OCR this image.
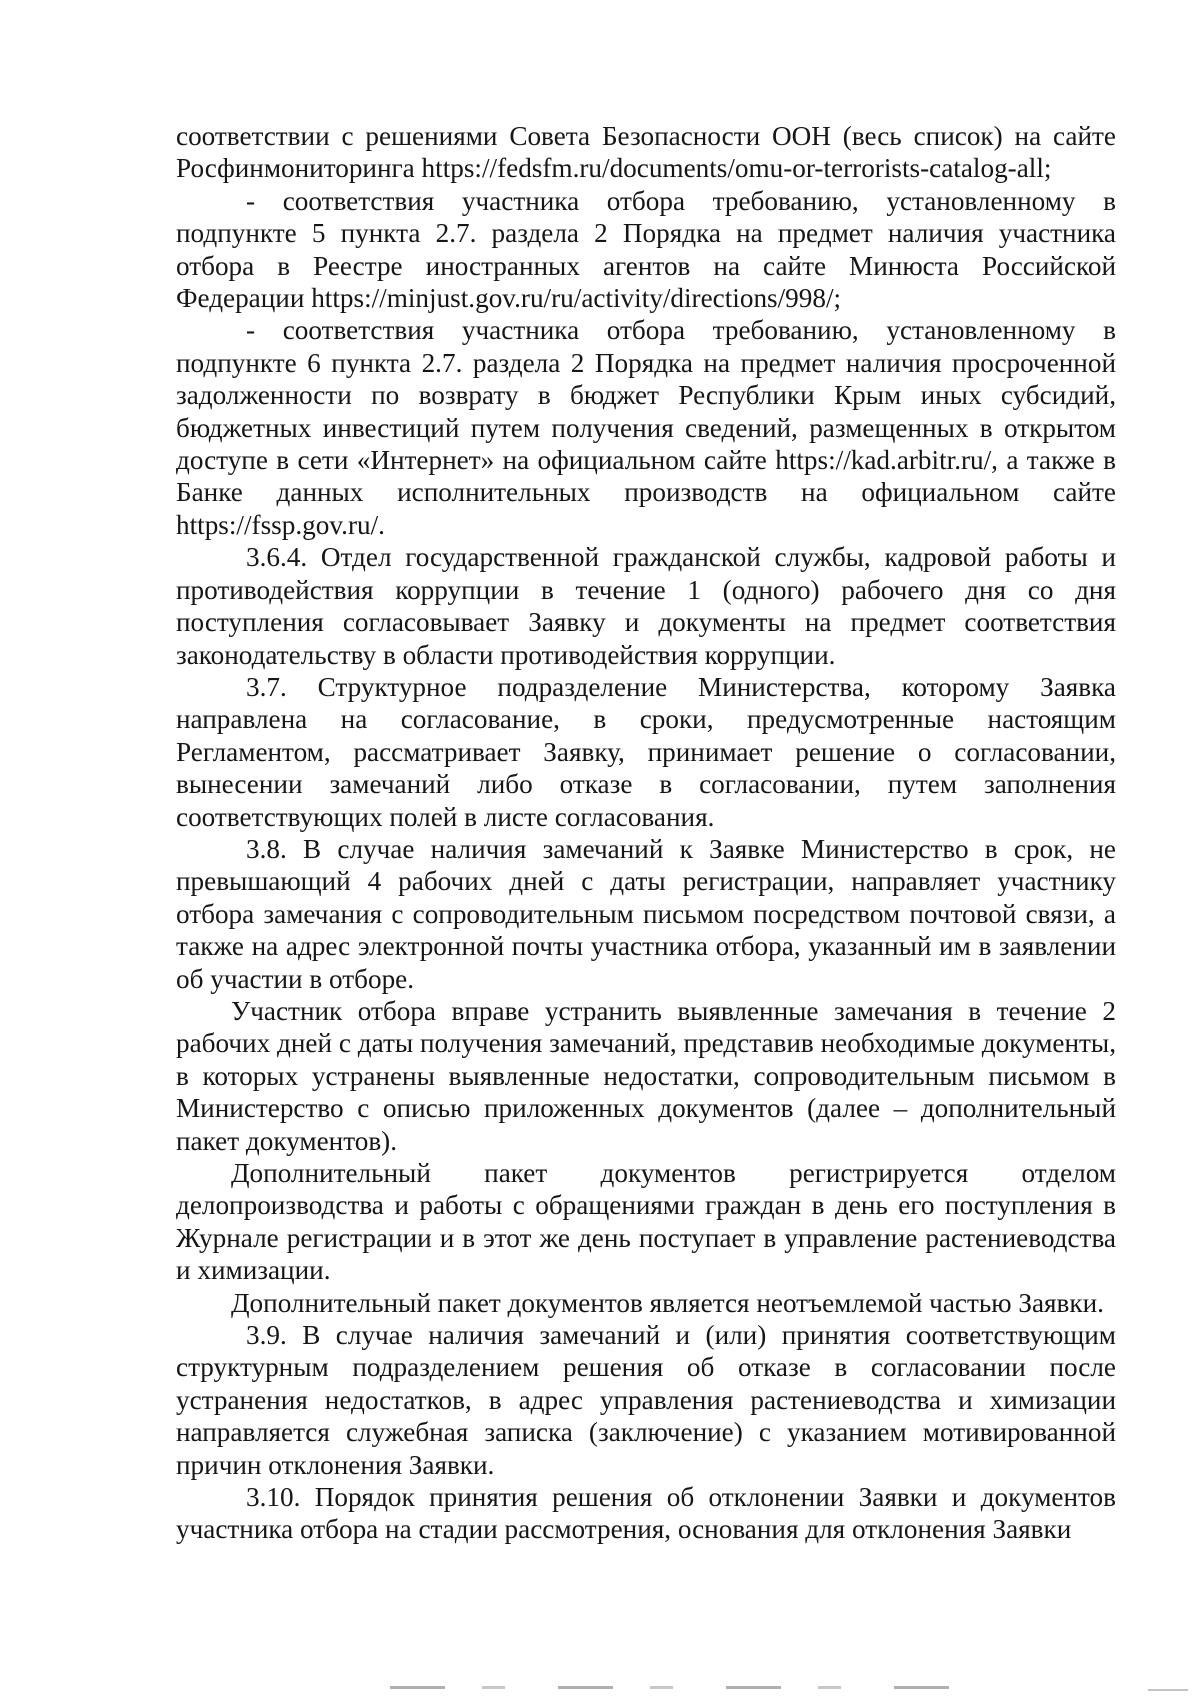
соответствии с решениями Совета Безопасности ООН (весь список) на сайте Росфинмониторинга https://fedsfm.ru/documents/omu-or-terrorists-catalog-all;

- соответствия участника отбора требованию, установленному в подпункте 5 пункта 2.7. раздела 2 Порядка на предмет наличия участника отбора в Реестре иностранных агентов на сайте Минюста Российской Федерации https://minjust.gov.ru/ru/activity/directions/998/;

- соответствия участника отбора требованию, установленному в подпункте 6 пункта 2.7. раздела 2 Порядка на предмет наличия просроченной задолженности по возврату в бюджет Республики Крым иных субсидий, бюджетных инвестиций путем получения сведений, размещенных в открытом доступе в сети «Интернет» на официальном сайте https://kad.arbitr.ru/, а также в Банке данных исполнительных производств на официальном сайте https://fssp.gov.ru/.

3.6.4. Отдел государственной гражданской службы, кадровой работы и противодействия коррупции в течение 1 (одного) рабочего дня со дня поступления согласовывает Заявку и документы на предмет соответствия законодательству в области противодействия коррупции.

3.7. Структурное подразделение Министерства, которому Заявка направлена на согласование, в сроки, предусмотренные настоящим Регламентом, рассматривает Заявку, принимает решение о согласовании, вынесении замечаний либо отказе в согласовании, путем заполнения соответствующих полей в листе согласования.

3.8. В случае наличия замечаний к Заявке Министерство в срок, не превышающий 4 рабочих дней с даты регистрации, направляет участнику отбора замечания с сопроводительным письмом посредством почтовой связи, а также на адрес электронной почты участника отбора, указанный им в заявлении об участии в отборе.

Участник отбора вправе устранить выявленные замечания в течение 2 рабочих дней с даты получения замечаний, представив необходимые документы, в которых устранены выявленные недостатки, сопроводительным письмом в Министерство с описью приложенных документов (далее – дополнительный пакет документов).

Дополнительный пакет документов регистрируется отделом делопроизводства и работы с обращениями граждан в день его поступления в Журнале регистрации и в этот же день поступает в управление растениеводства и химизации.

Дополнительный пакет документов является неотъемлемой частью Заявки.

3.9. В случае наличия замечаний и (или) принятия соответствующим структурным подразделением решения об отказе в согласовании после устранения недостатков, в адрес управления растениеводства и химизации направляется служебная записка (заключение) с указанием мотивированной причин отклонения Заявки.

3.10. Порядок принятия решения об отклонении Заявки и документов участника отбора на стадии рассмотрения, основания для отклонения Заявки
